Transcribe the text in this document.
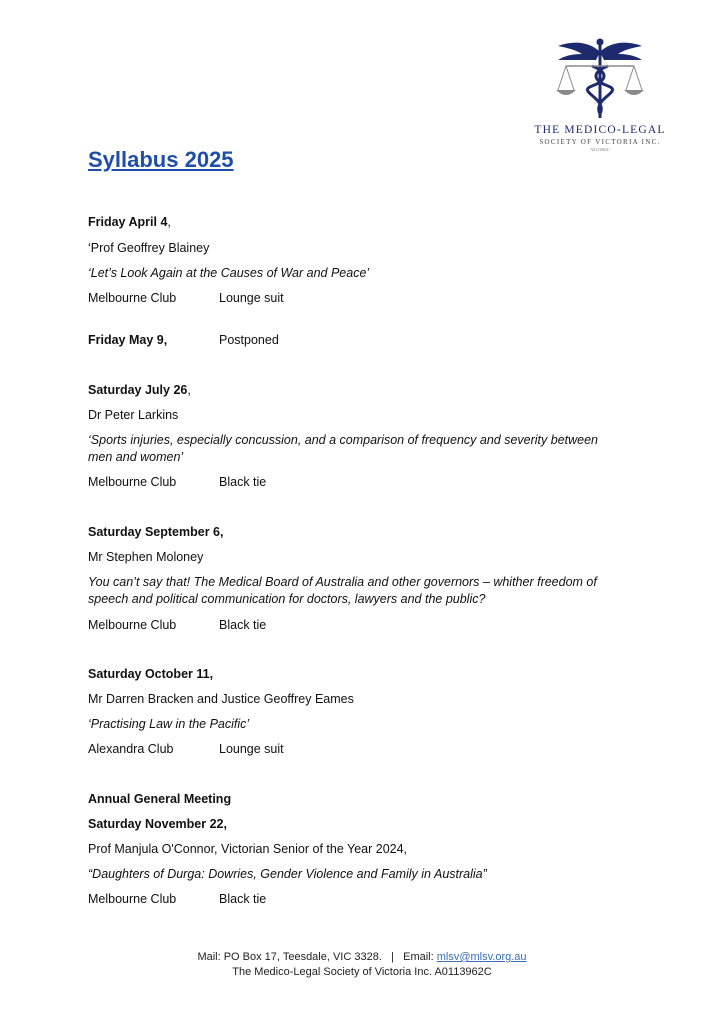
THE MEDICO-LEGAL
SOCIETY OF VICTORIA INC.
A0113962C
Syllabus 2025
Friday April 4,
‘Prof Geoffrey Blainey
‘Let’s Look Again at the Causes of War and Peace’
Melbourne Club	Lounge suit
Friday May 9,	Postponed
Saturday July 26,
Dr Peter Larkins
‘Sports injuries, especially concussion, and a comparison of frequency and severity between
men and women’
Melbourne Club	Black tie
Saturday September 6,
Mr Stephen Moloney
You can’t say that! The Medical Board of Australia and other governors – whither freedom of
speech and political communication for doctors, lawyers and the public?
Melbourne Club	Black tie
Saturday October 11,
Mr Darren Bracken and Justice Geoffrey Eames
‘Practising Law in the Pacific’
Alexandra Club	Lounge suit
Annual General Meeting
Saturday November 22,
Prof Manjula O'Connor, Victorian Senior of the Year 2024,
“Daughters of Durga: Dowries, Gender Violence and Family in Australia”
Melbourne Club	Black tie
Mail: PO Box 17, Teesdale, VIC 3328. | Email: mlsv@mlsv.org.au
The Medico-Legal Society of Victoria Inc. A0113962C
